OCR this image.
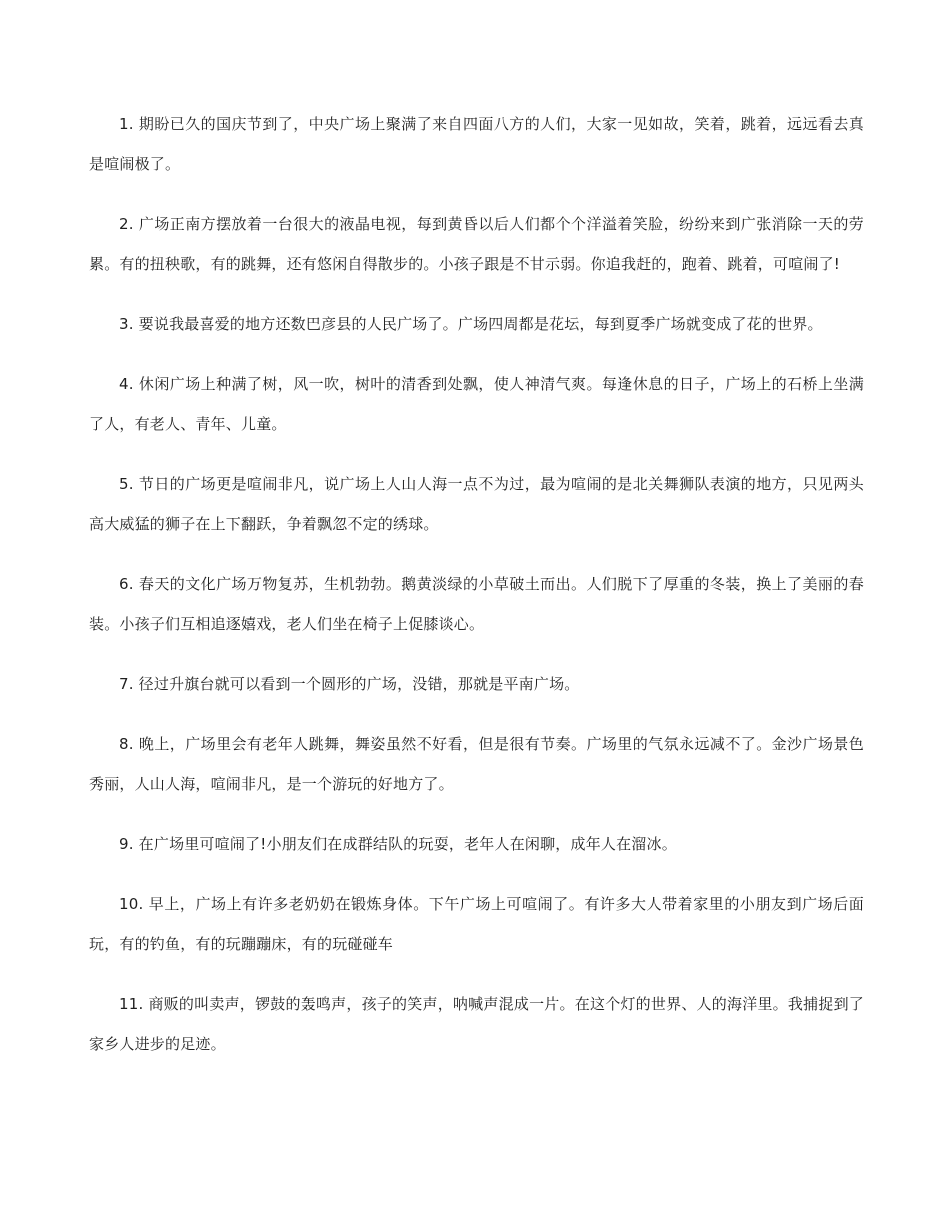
1. 期盼已久的国庆节到了，中央广场上聚满了来自四面八方的人们，大家一见如故，笑着，跳着，远远看去真是喧闹极了。

2. 广场正南方摆放着一台很大的液晶电视，每到黄昏以后人们都个个洋溢着笑脸，纷纷来到广张消除一天的劳累。有的扭秧歌，有的跳舞，还有悠闲自得散步的。小孩子跟是不甘示弱。你追我赶的，跑着、跳着，可喧闹了!

3. 要说我最喜爱的地方还数巴彦县的人民广场了。广场四周都是花坛，每到夏季广场就变成了花的世界。

4. 休闲广场上种满了树，风一吹，树叶的清香到处飘，使人神清气爽。每逢休息的日子，广场上的石桥上坐满了人，有老人、青年、儿童。

5. 节日的广场更是喧闹非凡，说广场上人山人海一点不为过，最为喧闹的是北关舞狮队表演的地方，只见两头高大威猛的狮子在上下翻跃，争着飘忽不定的绣球。

6. 春天的文化广场万物复苏，生机勃勃。鹅黄淡绿的小草破土而出。人们脱下了厚重的冬装，换上了美丽的春装。小孩子们互相追逐嬉戏，老人们坐在椅子上促膝谈心。

7. 径过升旗台就可以看到一个圆形的广场，没错，那就是平南广场。

8. 晚上，广场里会有老年人跳舞，舞姿虽然不好看，但是很有节奏。广场里的气氛永远减不了。金沙广场景色秀丽，人山人海，喧闹非凡，是一个游玩的好地方了。

9. 在广场里可喧闹了!小朋友们在成群结队的玩耍，老年人在闲聊，成年人在溜冰。

10. 早上，广场上有许多老奶奶在锻炼身体。下午广场上可喧闹了。有许多大人带着家里的小朋友到广场后面玩，有的钓鱼，有的玩蹦蹦床，有的玩碰碰车

11. 商贩的叫卖声，锣鼓的轰鸣声，孩子的笑声，呐喊声混成一片。在这个灯的世界、人的海洋里。我捕捉到了家乡人进步的足迹。
